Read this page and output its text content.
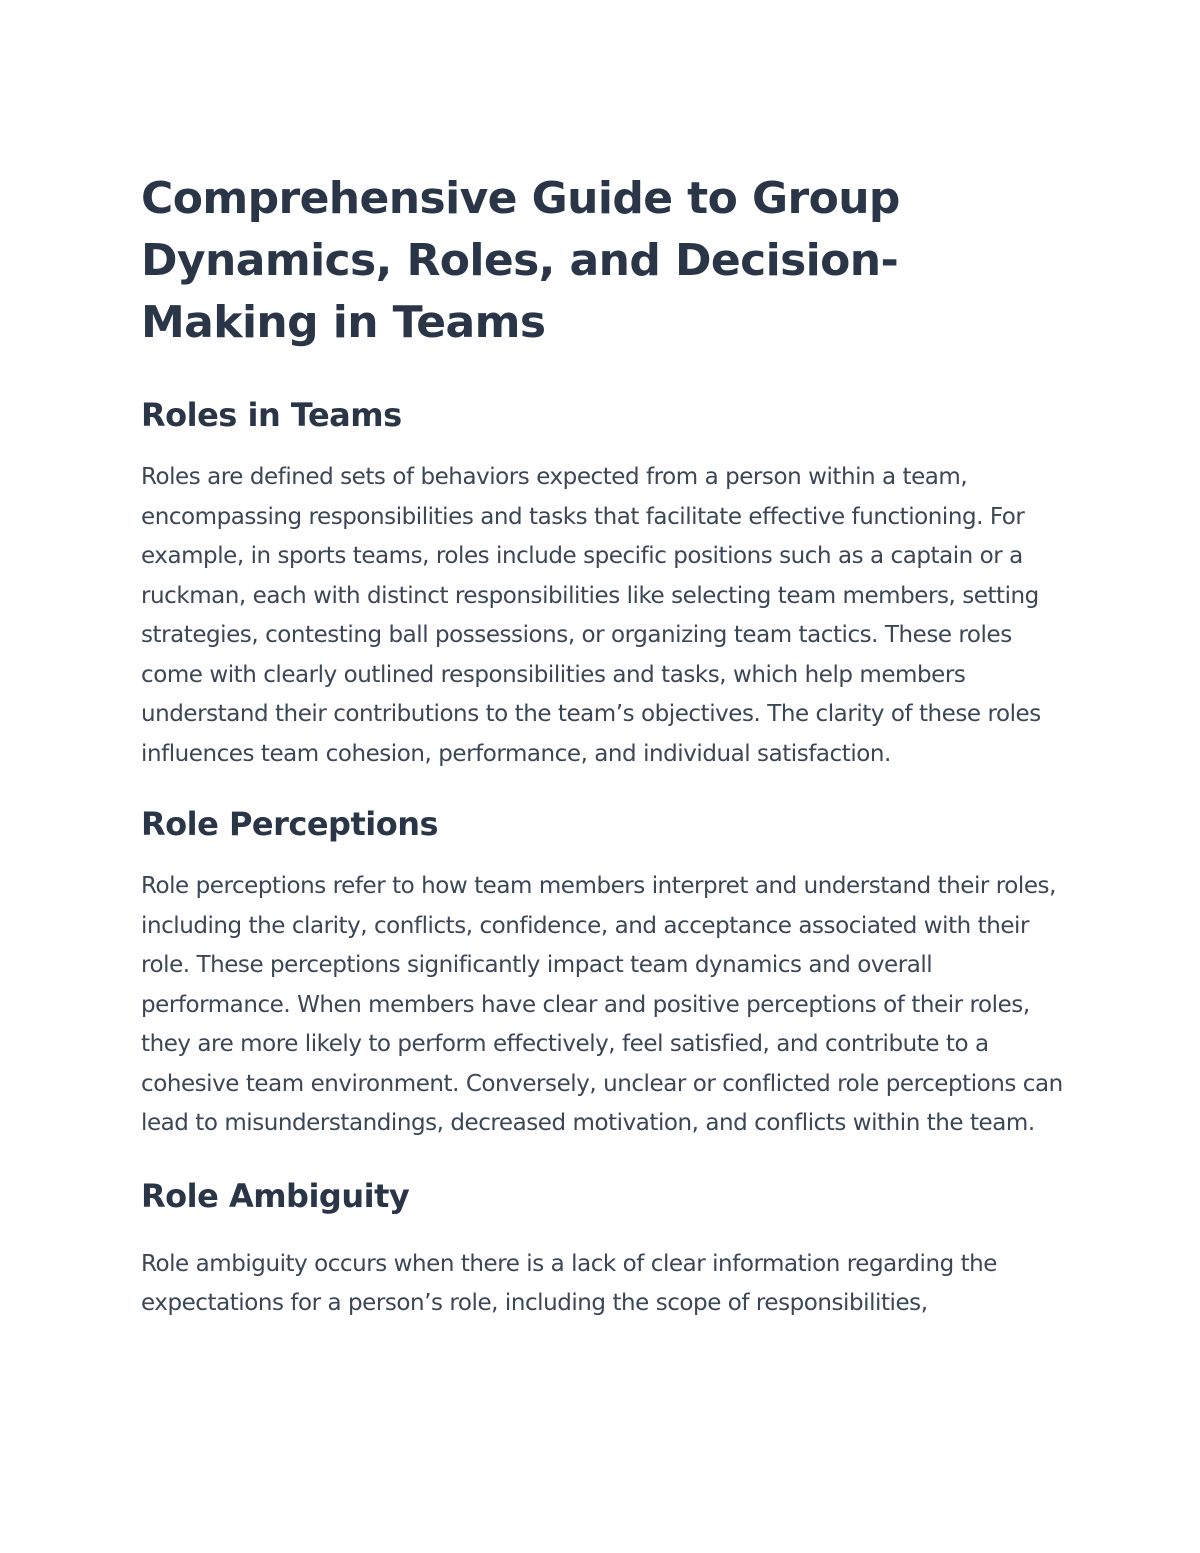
Comprehensive Guide to Group Dynamics, Roles, and Decision-Making in Teams
Roles in Teams

Roles are defined sets of behaviors expected from a person within a team, encompassing responsibilities and tasks that facilitate effective functioning. For example, in sports teams, roles include specific positions such as a captain or a ruckman, each with distinct responsibilities like selecting team members, setting strategies, contesting ball possessions, or organizing team tactics. These roles come with clearly outlined responsibilities and tasks, which help members understand their contributions to the team’s objectives. The clarity of these roles influences team cohesion, performance, and individual satisfaction.

Role Perceptions

Role perceptions refer to how team members interpret and understand their roles, including the clarity, conflicts, confidence, and acceptance associated with their role. These perceptions significantly impact team dynamics and overall performance. When members have clear and positive perceptions of their roles, they are more likely to perform effectively, feel satisfied, and contribute to a cohesive team environment. Conversely, unclear or conflicted role perceptions can lead to misunderstandings, decreased motivation, and conflicts within the team.

Role Ambiguity

Role ambiguity occurs when there is a lack of clear information regarding the expectations for a person’s role, including the scope of responsibilities,
